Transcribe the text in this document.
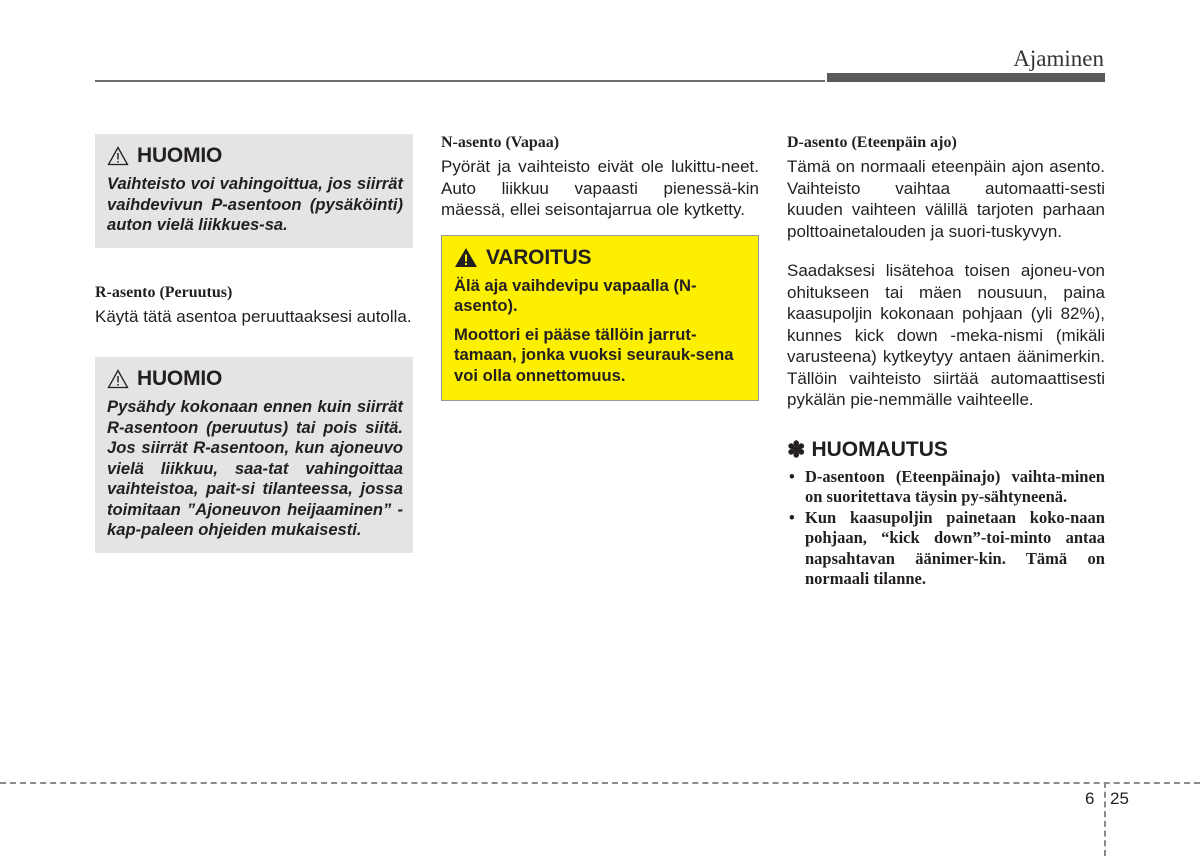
Ajaminen
HUOMIO
Vaihteisto voi vahingoittua, jos siirrät vaihdevivun P-asentoon (pysäköinti) auton vielä liikkues-sa.
R-asento (Peruutus)
Käytä tätä asentoa peruuttaaksesi autolla.
HUOMIO
Pysähdy kokonaan ennen kuin siirrät R-asentoon (peruutus) tai pois siitä. Jos siirrät R-asentoon, kun ajoneuvo vielä liikkuu, saa-tat vahingoittaa vaihteistoa, pait-si tilanteessa, jossa toimitaan ”Ajoneuvon heijaaminen” -kap-paleen ohjeiden mukaisesti.
N-asento (Vapaa)
Pyörät ja vaihteisto eivät ole lukittu-neet. Auto liikkuu vapaasti pienessä-kin mäessä, ellei seisontajarrua ole kytketty.
VAROITUS

Älä aja vaihdevipu vapaalla (N-asento).

Moottori ei pääse tällöin jarrut-tamaan, jonka vuoksi seurauk-sena voi olla onnettomuus.

D-asento (Eteenpäin ajo)
Tämä on normaali eteenpäin ajon asento. Vaihteisto vaihtaa automaatti-sesti kuuden vaihteen välillä tarjoten parhaan polttoainetalouden ja suori-tuskyvyn.
Saadaksesi lisätehoa toisen ajoneu-von ohitukseen tai mäen nousuun, paina kaasupoljin kokonaan pohjaan (yli 82%), kunnes kick down -meka-nismi (mikäli varusteena) kytkeytyy antaen äänimerkin. Tällöin vaihteisto siirtää automaattisesti pykälän pie-nemmälle vaihteelle.
✽ HUOMAUTUS
• D-asentoon (Eteenpäinajo) vaihta-minen on suoritettava täysin py-sähtyneenä.
• Kun kaasupoljin painetaan koko-naan pohjaan, “kick down”-toi-minto antaa napsahtavan äänimer-kin. Tämä on normaali tilanne.
6 25
